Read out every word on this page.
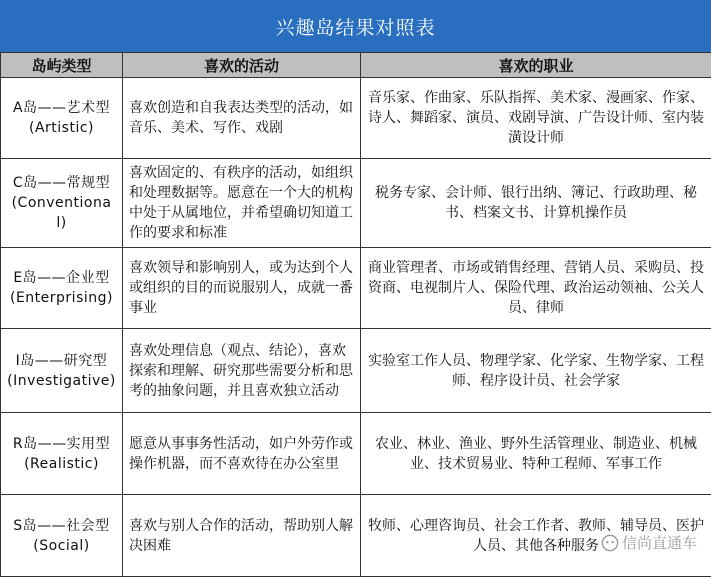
兴趣岛结果对照表
岛屿类型	喜欢的活动	喜欢的职业
A岛——艺术型
(Artistic)	喜欢创造和自我表达类型的活动，如音乐、美术、写作、戏剧	音乐家、作曲家、乐队指挥、美术家、漫画家、作家、诗人、舞蹈家、演员、戏剧导演、广告设计师、室内装潢设计师
C岛——常规型
(Conventional)	喜欢固定的、有秩序的活动，如组织和处理数据等。愿意在一个大的机构中处于从属地位，并希望确切知道工作的要求和标准	税务专家、会计师、银行出纳、簿记、行政助理、秘书、档案文书、计算机操作员
E岛——企业型
(Enterprising)	喜欢领导和影响别人，或为达到个人或组织的目的而说服别人，成就一番事业	商业管理者、市场或销售经理、营销人员、采购员、投资商、电视制片人、保险代理、政治运动领袖、公关人员、律师
I岛——研究型
(Investigative)	喜欢处理信息（观点、结论），喜欢探索和理解、研究那些需要分析和思考的抽象问题，并且喜欢独立活动	实验室工作人员、物理学家、化学家、生物学家、工程师、程序设计员、社会学家
R岛——实用型
(Realistic)	愿意从事事务性活动，如户外劳作或操作机器，而不喜欢待在办公室里	农业、林业、渔业、野外生活管理业、制造业、机械业、技术贸易业、特种工程师、军事工作
S岛——社会型
(Social)	喜欢与别人合作的活动，帮助别人解决困难	牧师、心理咨询员、社会工作者、教师、辅导员、医护人员、其他各种服务 信尚直通车
